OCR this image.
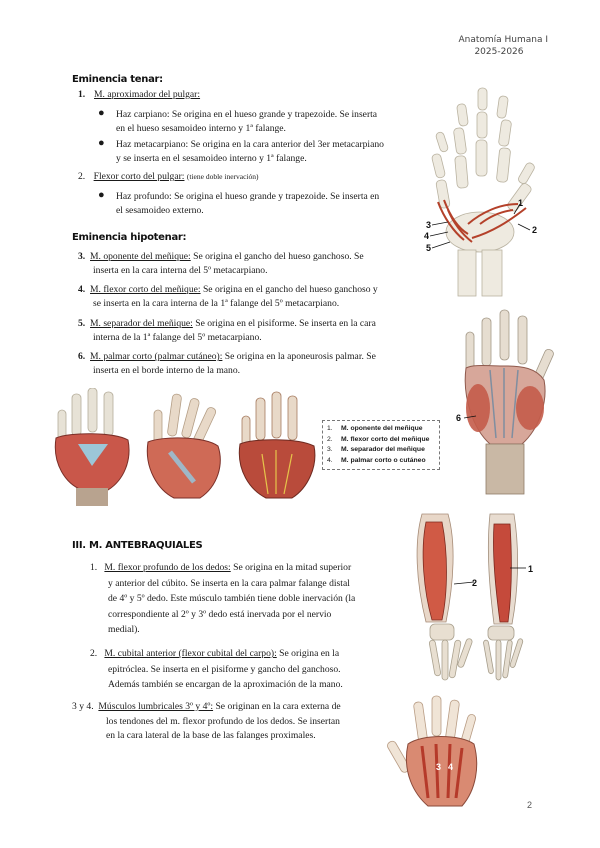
Anatomía Humana I
2025-2026
Eminencia tenar:
1. M. aproximador del pulgar:
● Haz carpiano: Se origina en el hueso grande y trapezoide. Se inserta
en el hueso sesamoideo interno y 1ª falange.
● Haz metacarpiano: Se origina en la cara anterior del 3er metacarpiano
y se inserta en el sesamoideo interno y 1ª falange.
2. Flexor corto del pulgar: (tiene doble inervación)
● Haz profundo: Se origina el hueso grande y trapezoide. Se inserta en
el sesamoideo externo.
Eminencia hipotenar:
3. M. oponente del meñique: Se origina el gancho del hueso ganchoso. Se
inserta en la cara interna del 5º metacarpiano.
4. M. flexor corto del meñique: Se origina en el gancho del hueso ganchoso y
se inserta en la cara interna de la 1ª falange del 5º metacarpiano.
5. M. separador del meñique: Se origina en el pisiforme. Se inserta en la cara
interna de la 1ª falange del 5º metacarpiano.
6. M. palmar corto (palmar cutáneo): Se origina en la aponeurosis palmar. Se
inserta en el borde interno de la mano.
1
2
3
4
5
6
1. M. oponente del meñique
2. M. flexor corto del meñique
3. M. separador del meñique
4. M. palmar corto o cutáneo
III. M. ANTEBRAQUIALES
1. M. flexor profundo de los dedos: Se origina en la mitad superior
y anterior del cúbito. Se inserta en la cara palmar falange distal
de 4º y 5º dedo. Este músculo también tiene doble inervación (la
correspondiente al 2º y 3º dedo está inervada por el nervio
medial).
2. M. cubital anterior (flexor cubital del carpo): Se origina en la
epitróclea. Se inserta en el pisiforme y gancho del ganchoso.
Además también se encargan de la aproximación de la mano.
3 y 4. Músculos lumbricales 3º y 4º: Se originan en la cara externa de
los tendones del m. flexor profundo de los dedos. Se insertan
en la cara lateral de la base de las falanges proximales.
2
1
3 4
2
